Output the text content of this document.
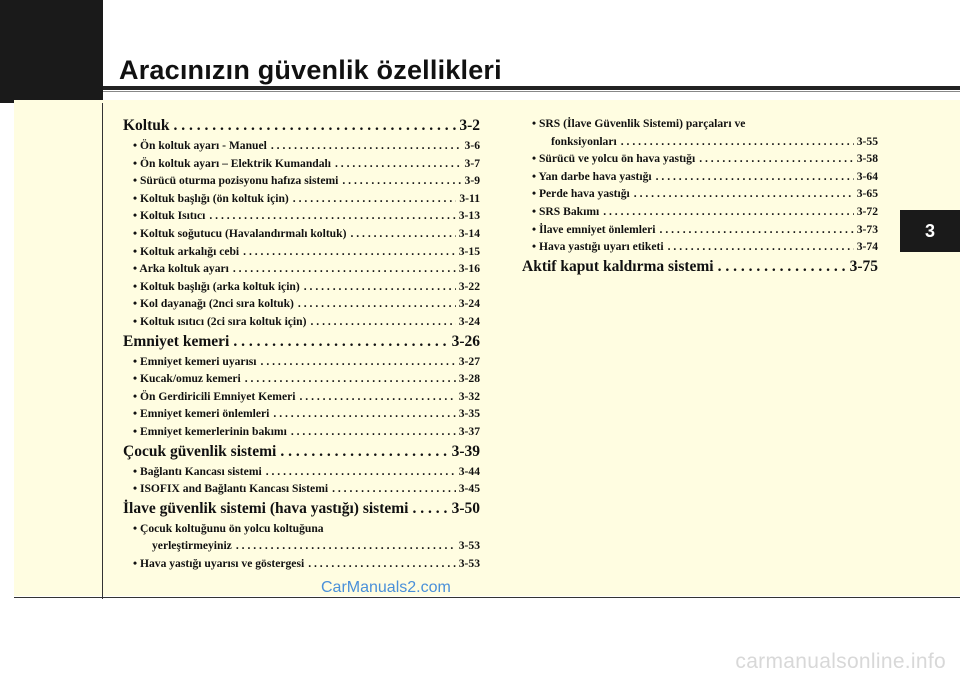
Aracınızın güvenlik özellikleri
Koltuk . . .	3-2
• Ön koltuk ayarı - Manuel . . .	3-6
• Ön koltuk ayarı – Elektrik Kumandalı . . .	3-7
• Sürücü oturma pozisyonu hafıza sistemi . . .	3-9
• Koltuk başlığı (ön koltuk için) . . .	3-11
• Koltuk Isıtıcı . . .	3-13
• Koltuk soğutucu (Havalandırmalı koltuk) . . .	3-14
• Koltuk arkalığı cebi . . .	3-15
• Arka koltuk ayarı . . .	3-16
• Koltuk başlığı (arka koltuk için) . . .	3-22
• Kol dayanağı (2nci sıra koltuk) . . .	3-24
• Koltuk ısıtıcı (2ci sıra koltuk için) . . .	3-24
Emniyet kemeri . . .	3-26
• Emniyet kemeri uyarısı . . .	3-27
• Kucak/omuz kemeri . . .	3-28
• Ön Gerdiricili Emniyet Kemeri . . .	3-32
• Emniyet kemeri önlemleri . . .	3-35
• Emniyet kemerlerinin bakımı . . .	3-37
Çocuk güvenlik sistemi . . .	3-39
• Bağlantı Kancası sistemi . . .	3-44
• ISOFIX and Bağlantı Kancası Sistemi . . .	3-45
İlave güvenlik sistemi (hava yastığı) sistemi . . .	3-50
• Çocuk koltuğunu ön yolcu koltuğuna
yerleştirmeyiniz . . .	3-53
• Hava yastığı uyarısı ve göstergesi . . .	3-53
• SRS (İlave Güvenlik Sistemi) parçaları ve
fonksiyonları . . .	3-55
• Sürücü ve yolcu ön hava yastığı . . .	3-58
• Yan darbe hava yastığı . . .	3-64
• Perde hava yastığı . . .	3-65
• SRS Bakımı . . .	3-72
• İlave emniyet önlemleri . . .	3-73
• Hava yastığı uyarı etiketi . . .	3-74
Aktif kaput kaldırma sistemi . . .	3-75
3
CarManuals2.com
carmanualsonline.info
